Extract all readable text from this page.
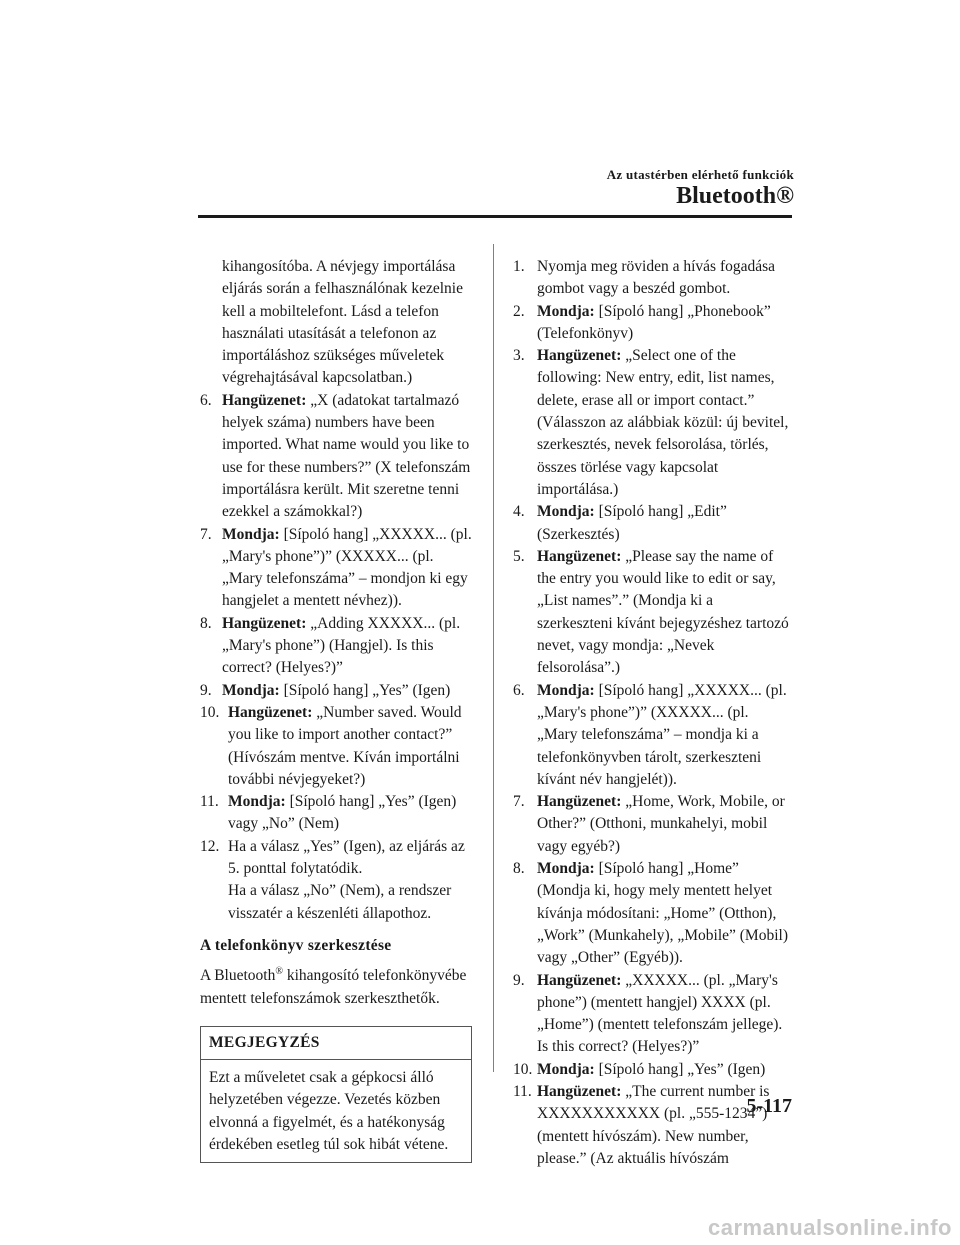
Az utastérben elérhető funkciók
Bluetooth®
kihangosítóba. A névjegy importálása eljárás során a felhasználónak kezelnie kell a mobiltelefont. Lásd a telefon használati utasítását a telefonon az importáláshoz szükséges műveletek végrehajtásával kapcsolatban.)
6. Hangüzenet: „X (adatokat tartalmazó helyek száma) numbers have been imported. What name would you like to use for these numbers?” (X telefonszám importálásra került. Mit szeretne tenni ezekkel a számokkal?)
7. Mondja: [Sípoló hang] „XXXXX... (pl. „Mary's phone”)” (XXXXX... (pl. „Mary telefonszáma” – mondjon ki egy hangjelet a mentett névhez)).
8. Hangüzenet: „Adding XXXXX... (pl. „Mary's phone”) (Hangjel). Is this correct? (Helyes?)”
9. Mondja: [Sípoló hang] „Yes” (Igen)
10. Hangüzenet: „Number saved. Would you like to import another contact?” (Hívószám mentve. Kíván importálni további névjegyeket?)
11. Mondja: [Sípoló hang] „Yes” (Igen) vagy „No” (Nem)
12. Ha a válasz „Yes” (Igen), az eljárás az 5. ponttal folytatódik.
Ha a válasz „No” (Nem), a rendszer visszatér a készenléti állapothoz.
A telefonkönyv szerkesztése
A Bluetooth® kihangosító telefonkönyvébe mentett telefonszámok szerkeszthetők.
MEGJEGYZÉS
Ezt a műveletet csak a gépkocsi álló helyzetében végezze. Vezetés közben elvonná a figyelmét, és a hatékonyság érdekében esetleg túl sok hibát vétene.
1. Nyomja meg röviden a hívás fogadása gombot vagy a beszéd gombot.
2. Mondja: [Sípoló hang] „Phonebook” (Telefonkönyv)
3. Hangüzenet: „Select one of the following: New entry, edit, list names, delete, erase all or import contact.” (Válasszon az alábbiak közül: új bevitel, szerkesztés, nevek felsorolása, törlés, összes törlése vagy kapcsolat importálása.)
4. Mondja: [Sípoló hang] „Edit” (Szerkesztés)
5. Hangüzenet: „Please say the name of the entry you would like to edit or say, „List names”.” (Mondja ki a szerkeszteni kívánt bejegyzéshez tartozó nevet, vagy mondja: „Nevek felsorolása”.)
6. Mondja: [Sípoló hang] „XXXXX... (pl. „Mary's phone”)” (XXXXX... (pl. „Mary telefonszáma” – mondja ki a telefonkönyvben tárolt, szerkeszteni kívánt név hangjelét)).
7. Hangüzenet: „Home, Work, Mobile, or Other?” (Otthoni, munkahelyi, mobil vagy egyéb?)
8. Mondja: [Sípoló hang] „Home” (Mondja ki, hogy mely mentett helyet kívánja módosítani: „Home” (Otthon), „Work” (Munkahely), „Mobile” (Mobil) vagy „Other” (Egyéb)).
9. Hangüzenet: „XXXXX... (pl. „Mary's phone”) (mentett hangjel) XXXX (pl. „Home”) (mentett telefonszám jellege). Is this correct? (Helyes?)”
10. Mondja: [Sípoló hang] „Yes” (Igen)
11. Hangüzenet: „The current number is XXXXXXXXXXX (pl. „555-1234”) (mentett hívószám). New number, please.” (Az aktuális hívószám
5-117
carmanualsonline.info
